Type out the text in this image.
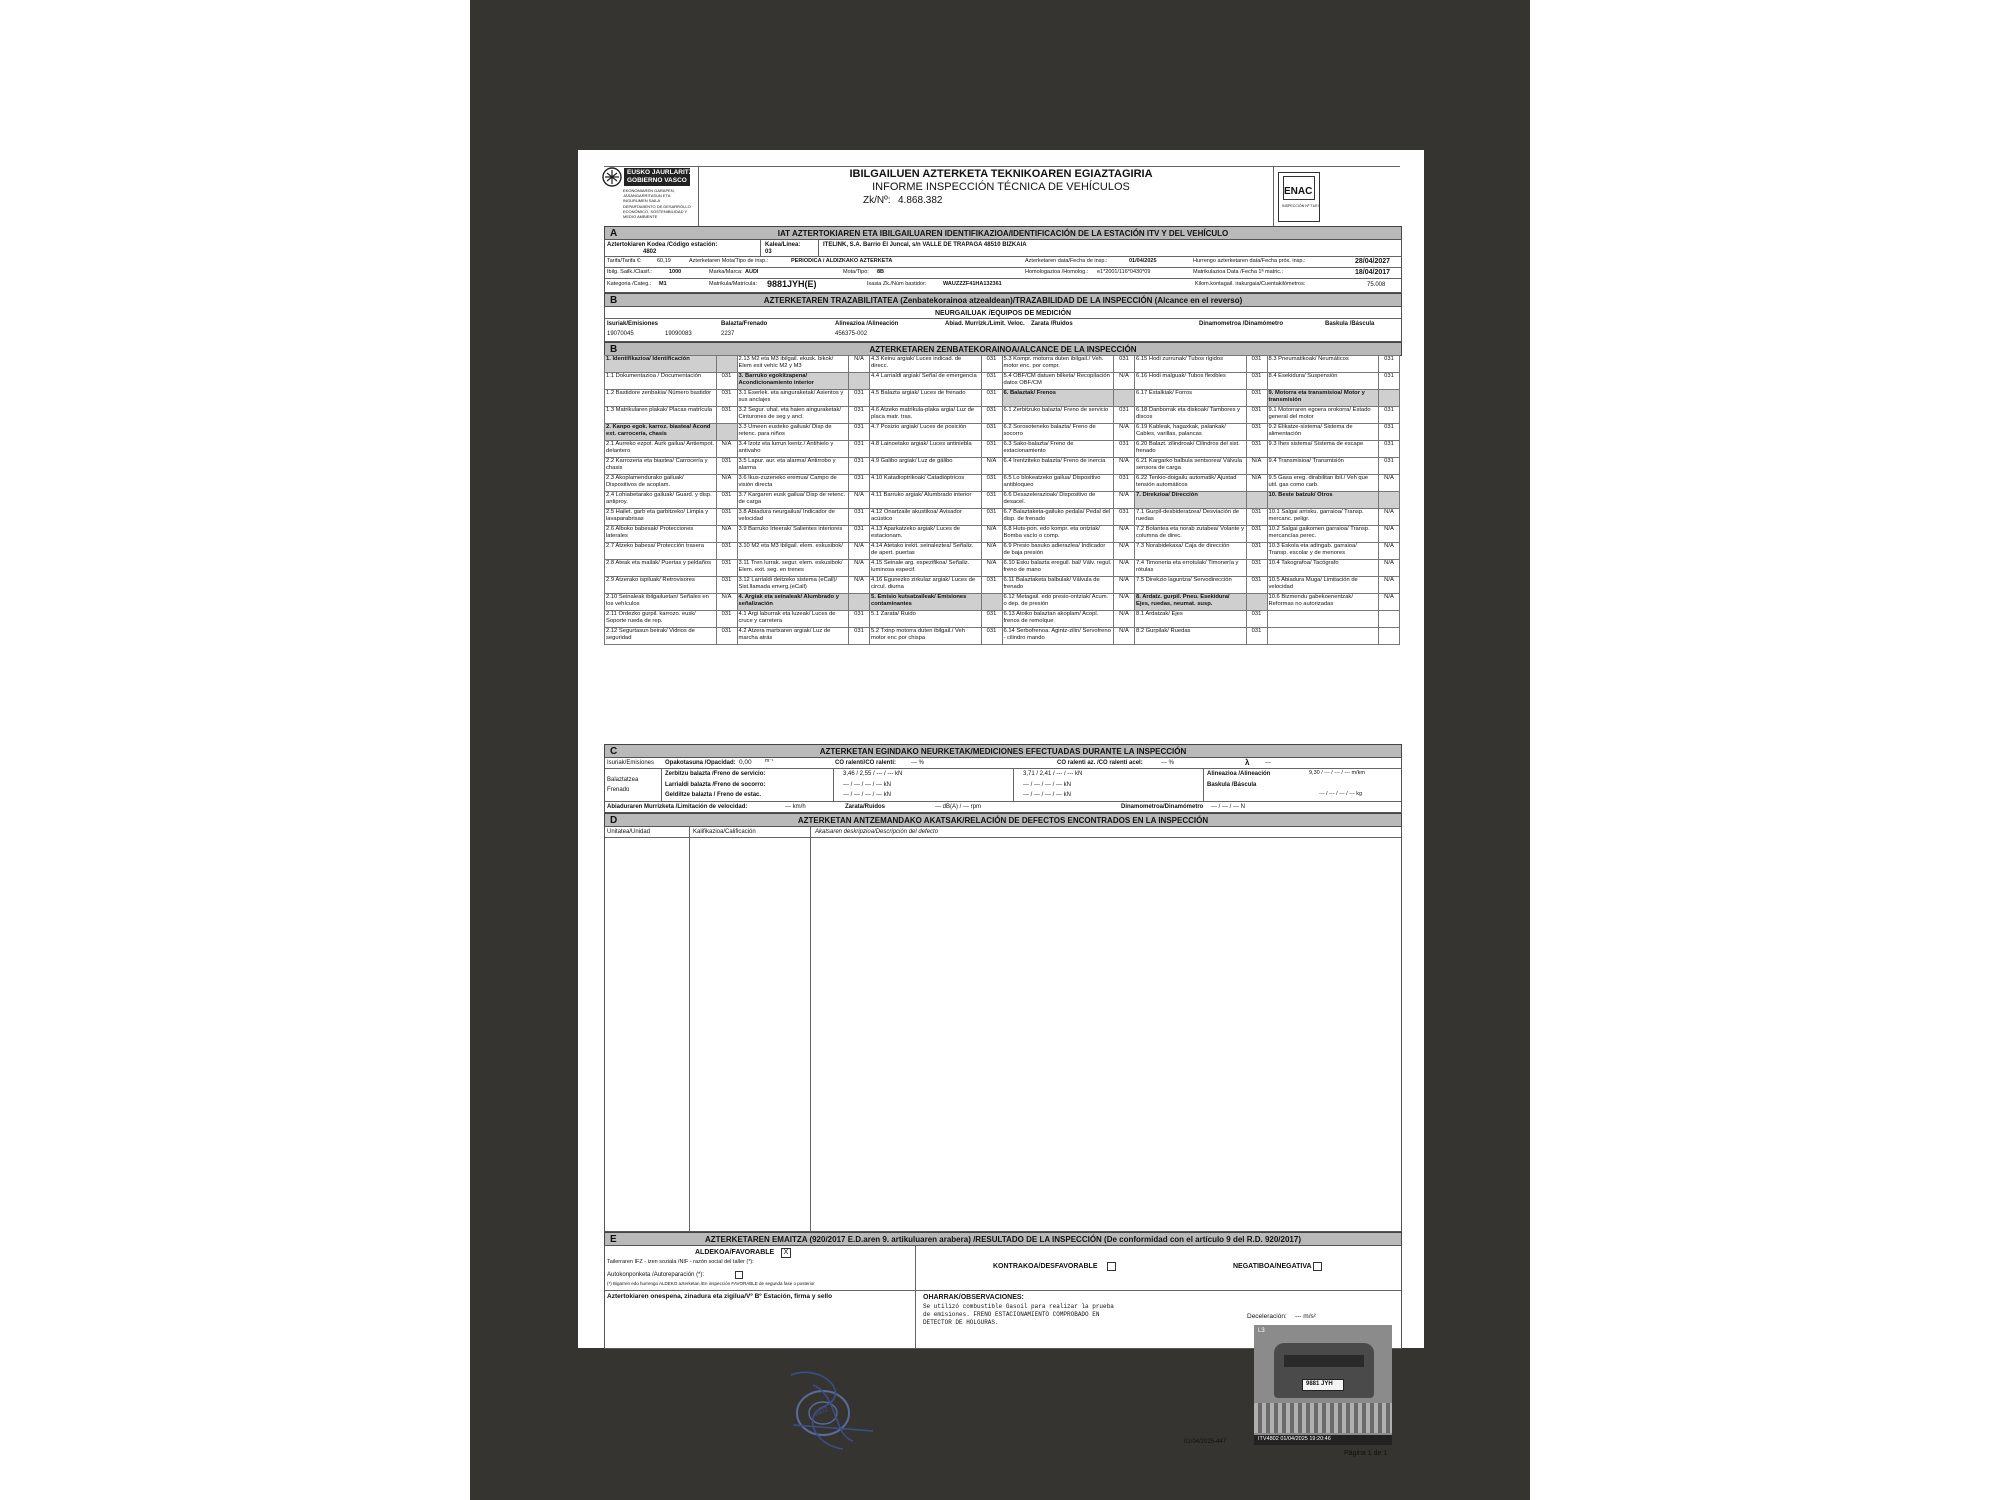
EUSKO JAURLARITZA
GOBIERNO VASCO
EKONOMIAREN GARAPEN, JASANGARRITASUN ETA INGURUMEN SAILA
DEPARTAMENTO DE DESARROLLO ECONÓMICO, SOSTENIBILIDAD Y MEDIO AMBIENTE
IBILGAILUEN AZTERKETA TEKNIKOAREN EGIAZTAGIRIA
INFORME INSPECCIÓN TÉCNICA DE VEHÍCULOS
Zk/Nº: 4.868.382
ENAC
INSPECCIÓN Nº 71/EI
A	IAT AZTERTOKIAREN ETA IBILGAILUAREN IDENTIFIKAZIOA/IDENTIFICACIÓN DE LA ESTACIÓN ITV Y DEL VEHÍCULO
Aztertokiaren Kodea /Código estación:
4802
Kalea/Línea:
03
ITELINK, S.A. Barrio El Juncal, s/n VALLE DE TRAPAGA 48510 BIZKAIA
Tarifa/Tarifa €:	60,19	Azterketaren Mota/Tipo de insp.:	PERIODICA / ALDIZKAKO AZTERKETA	Azterketaren data/Fecha de insp.:	01/04/2025	Hurrengo azterketaren data/Fecha próx. insp.:	28/04/2027
Ibilg. Sailk./Clasif.:	1000	Marka/Marca: AUDI	Mota/Tipo: 8B	Homologazioa /Homolog.: e1*2001/116*0430*09	Matrikulazioa Data /Fecha 1ª matric.:	18/04/2017
Kategoria /Categ.: M1	Matrikula/Matrícula: 9881JYH(E)	Ixasia Zk./Núm bastidor:	WAUZZZF41HA132361	Kilom.kontagail. irakurgaia/Cuentakilómetros:	75.008
B	AZTERKETAREN TRAZABILITATEA (Zenbatekorainoa atzealdean)/TRAZABILIDAD DE LA INSPECCIÓN (Alcance en el reverso)
NEURGAILUAK /EQUIPOS DE MEDICIÓN
Isuriak/Emisiones
19070045	19090083
Balazta/Frenado
2237
Alineazioa /Alineación
456375-002
Abiad. Murrizk./Limit. Veloc. Zarata /Ruidos	Dinamometroa /Dinamómetro	Baskula /Báscula
B	AZTERKETAREN ZENBATEKORAINOA/ALCANCE DE LA INSPECCIÓN
1. Identifikazioa/ Identificación		2.13 M2 eta M3 ibilgail. ekusk. bikok/ Elem exit vehíc M2 y M3	N/A	4.3 Keinu argiak/ Luces indicad. de direcc.	031	5.3 Kompr. motorra duten ibilgail./ Veh. motor enc. por compr.	031	6.15 Hodi zurrunak/ Tubos rígidos	031	8.3 Pneumatikoak/ Neumáticos	031
1.1 Dokumentazioa / Documentación	031	3. Barruko egokitzapena/ Acondicionamiento interior		4.4 Larrialdi argiak/ Señal de emergencia	031	5.4 OBF/CM datuen bilketa/ Recopilación datos OBF/CM	N/A	6.16 Hodi malguak/ Tubos flexibles	031	8.4 Esekidura/ Suspensión	031
1.2 Bastidore zenbakia/ Número bastidor	031	3.1 Eserlek. eta ainguraketak/ Asientos y sus anclajes	031	4.5 Balazta argiak/ Luces de frenado	031	6. Balaztak/ Frenos		6.17 Estalkiak/ Forros	031	9. Motorra eta transmisioa/ Motor y transmisión	
1.3 Matrikularen plakak/ Placas matrícula	031	3.2 Segur. uhal. eta haien ainguraketak/ Cinturones de seg y ancl.	031	4.6 Atzeko matrikula-plaka argia/ Luz de placa matr. tras.	031	6.1 Zerbitzuko balazta/ Freno de servicio	031	6.18 Danborrak eta diskoak/ Tambores y discos	031	9.1 Motorraren egoera orokorra/ Estado general del motor	031
2. Kanpo egok. karroz. biastea/ Acond ext. carrocería, chasis		3.3 Umeen eusteko gailuak/ Disp de retenc. para niños	031	4.7 Posizio argiak/ Luces de posición	031	6.2 Sorosoteneko balazta/ Freno de socorro	N/A	6.19 Kableak, hagaxkak, palankak/ Cables, varillas, palancas	031	9.2 Elikatze-sistema/ Sistema de alimentación	031
2.1 Aurreko ezpot. Aurk gailua/ Antiempot. delantero	N/A	3.4 Izotz eta lurrun kentz./ Antihielo y antivaho	031	4.8 Lainoetako argiak/ Luces antiniebla	031	6.3 Sako-balazta/ Freno de estacionamiento	031	6.20 Balazt. zilindroak/ Cilindros del sist. frenado	031	9.3 Ihes sistema/ Sistema de escape	031
2.2 Karrozeria eta biastea/ Carrocería y chasis	031	3.5 Lapur. aur. eta alarma/ Antirrobo y alarma	031	4.9 Galibo argiak/ Luz de gálibo	N/A	6.4 Irentziteko balazta/ Freno de inercia	N/A	6.21 Kargarko balbula sentsorea/ Válvula sensora de carga	N/A	9.4 Transmisioa/ Transmisión	031
2.3 Akoplamendurako gailuak/ Dispositivos de acoplam.	N/A	3.6 Ikus-zuzeneko eremua/ Campo de visión directa	031	4.10 Katadioptrikoak/ Catadióptricos	031	6.5 Lo blokeatzeko gailua/ Dispositivo antibloqueo	031	6.22 Tenkio-doigailu automatik/ Ajustad tensión automáticos	N/A	9.5 Gasa ereg. dirabilitan ibil./ Veh que util. gas como carb.	N/A
2.4 Lohiabetarako gailuak/ Guard. y disp. antiproy.	031	3.7 Kargaren eusk gailua/ Disp de retenc. de carga	N/A	4.11 Barruko argiak/ Alumbrado interior	031	6.6 Desazelerazioak/ Dispositivo de desacel.	N/A	7. Direkzioa/ Dirección		10. Beste batzuk/ Otros	
2.5 Hailet. garb eta garbitzeko/ Limpia y lavaparabrisas	031	3.8 Abiadura neurgailua/ Indicador de velocidad	031	4.12 Onartzaile akustikoa/ Avisador acústico	031	6.7 Balaztaketa-gailuko pedala/ Pedal del disp. de frenado	031	7.1 Gurpil-desbideratzea/ Desviación de ruedas	031	10.1 Salgai arrisku. garraioa/ Transp. mercanc. peligr.	N/A
2.6 Alboko babesak/ Protecciones laterales	N/A	3.9 Barruko Irteerak/ Salientes interiores	031	4.13 Aparkatzeko argiak/ Luces de estacionam.	N/A	6.8 Huts-pon. edo kompr. eta ontziak/ Bomba vacío o comp.	N/A	7.2 Bolantea eta norab zutabea/ Volante y columna de direc.	031	10.2 Salgai gaikomen garraioa/ Transp. mercancías perec.	N/A
2.7 Atzeko babesa/ Protección trasera	031	3.10 M2 eta M3 ibilgail. elem. eskusibok/	N/A	4.14 Atetako irekit. seinaleztea/ Señaliz. de apert. puertas	N/A	6.9 Presio baxuko adierazlea/ Indicador de baja presión	N/A	7.3 Norabidekaxa/ Caja de dirección	031	10.3 Eskola eta adingab. garraioa/ Transp. escolar y de menores	N/A
2.8 Ateak eta mailak/ Puertas y peldaños	031	3.11 Tren lurrak. segur. elem. eskusibok/ Elem. exit. seg. en trenes	N/A	4.15 Seinale arg. espezifikoa/ Señaliz. luminosa especif.	N/A	6.10 Esku balazta ereguil. bal/ Válv. regul. freno de mano	N/A	7.4 Timoneria eta errotulak/ Timonería y rótulas	031	10.4 Takografoa/ Tacógrafo	N/A
2.9 Atzerako ispiluak/ Retrovisores	031	3.12 Larrialdi deitzeko sistema (eCall)/ Sist.llamada emerg.(eCall)	N/A	4.16 Egunezko zirkulaz argiak/ Luces de circul. diurna	031	6.11 Balaztaketa balbulak/ Válvula de frenado	N/A	7.5 Direkzio laguntza/ Servodirección	031	10.5 Abiadura Muga/ Limitación de velocidad	N/A
2.10 Seinaleak ibilgailuetan/ Señales en los vehículos	N/A	4. Argiak eta seinaleak/ Alumbrado y señalización		5. Emisio kutsatzaileak/ Emisiones contaminantes		6.12 Metagail. edo presio-ontziak/ Acum. o dep. de presión	N/A	8. Ardatz. gurpil. Pneu. Esekidura/ Ejes, ruedas, neumat. susp.		10.6 Bizmendu gabekoenentzak/ Reformas no autorizadas	N/A
2.11 Ordezko gurpil. karrozo. eusk/ Soporte rueda de rep.	031	4.1 Argi laburrak eta luzeak/ Luces de cruce y carretera	031	5.1 Zarata/ Ruido	031	6.13 Atoiko balaztan akoplam/ Acopl. frenos de remolque	N/A	8.1 Ardatzak/ Ejes	031		
2.12 Segurtasun beirak/ Vidrios de seguridad	031	4.2 Atzera martxaren argiak/ Luz de marcha atrás	031	5.2 Txinp motorra duten ibilgail./ Veh motor enc por chispa	031	6.14 Serbofrenoa. Agintz-zilin/ Servofreno - cilindro mando	N/A	8.2 Gurpilak/ Ruedas	031		
C	AZTERKETAN EGINDAKO NEURKETAK/MEDICIONES EFECTUADAS DURANTE LA INSPECCIÓN
Isuriak/Emisiones Opakotasuna /Opacidad: 0,00	m⁻¹	CO ralentí/CO ralentí: --- %	CO ralenti az. /CO ralentí acel:	--- %	λ	---
Balaztatzea Frenado
Zerbitzu balazta /Freno de servicio:	3,46 / 2,55 / --- / --- kN	3,71 / 2,41 / --- / --- kN
Larrialdi balazta /Freno de socorro:	--- / --- / --- / --- kN	--- / --- / --- / --- kN
Geldiltze balazta / Freno de estac.	--- / --- / --- / --- kN	--- / --- / --- / --- kN
Alineazioa /Alineación	9,30 / --- / --- / --- m/km
Baskula /Báscula
--- / --- / --- / --- kg
Abiaduraren Murrizketa /Limitación de velocidad:	--- km/h	Zarata/Ruidos	--- dB(A) / --- rpm	Dinamometroa/Dinamómetro --- / --- / --- N
D	AZTERKETAN ANTZEMANDAKO AKATSAK/RELACIÓN DE DEFECTOS ENCONTRADOS EN LA INSPECCIÓN
Unitatea/Unidad	Kalifikazioa/Calificación	Akatsaren deskripzioa/Descripción del defecto
E	AZTERKETAREN EMAITZA (920/2017 E.D.aren 9. artikuluaren arabera) /RESULTADO DE LA INSPECCIÓN (De conformidad con el artículo 9 del R.D. 920/2017)
ALDEKOA/FAVORABLE	X
Tailerraren IFZ - izen soziala /NIF - razón social del taller (*):
Autokonponketa /Autoreparación (*):
(*) Bigarren edo hurrengo ALDEKO azterketan /En inspección FAVORABLE de segunda fase o posterior
KONTRAKOA/DESFAVORABLE	NEGATIBOA/NEGATIVA
Aztertokiaren onespena, zinadura eta zigilua/Vº Bº Estación, firma y sello	OHARRAK/OBSERVACIONES:
Se utilizó combustible Gasoil para realizar la prueba
de emisiones. FRENO ESTACIONAMIENTO COMPROBADO EN
DETECTOR DE HOLGURAS.
Deceleración: --- m/s²
4802
9881 JYH
L3
ITV4802 01/04/2025 19:20:46
01/04/2025-447
Página 1 de 1
